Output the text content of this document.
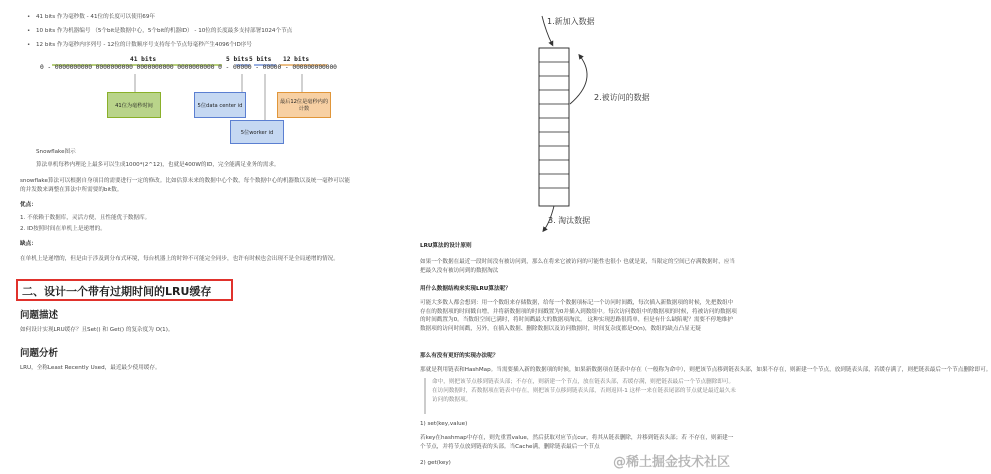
• 41 bits 作为毫秒数 - 41位的长度可以使用69年
• 10 bits 作为机器编号 （5个bit是数据中心，5个bit的机器ID） - 10位的长度最多支持部署1024个节点
• 12 bits 作为毫秒内序列号 - 12位的计数顺序号支持每个节点每毫秒产生4096个ID序号
41 bits	5 bits 5 bits 12 bits
0 - 0000000000 0000000000 0000000000 0000000000 0 - 00000 - 00000 - 000000000000
41位为毫秒时间	5位data center id
最后12位是毫秒内的计数
5位worker id
Snowflake图示
算法单机每秒内理论上最多可以生成1000*(2^12)，也就是400W的ID，完全能满足业务的需求。
snowflake算法可以根据自身项目的需要进行一定的修改。比如估算未来的数据中心个数，每个数据中心的机器数以及统一毫秒可以能的并发数来调整在算法中所需要的bit数。
优点：
1. 不依赖于数据库，灵活方便，且性能优于数据库。
2. ID按照时间在单机上是递增的。
缺点：
在单机上是递增的，但是由于涉及到分布式环境，每台机器上的时钟不可能完全同步，也许有时候也会出现不是全局递增的情况。
二、设计一个带有过期时间的LRU缓存
问题描述
如何设计实现LRU缓存？且Set() 和 Get() 的复杂度为 O(1)。
问题分析
LRU，全称Least Recently Used，最近最少使用缓存。
1.新加入数据
2.被访问的数据
3. 淘汰数据
LRU算法的设计原则
如果一个数据在最近一段时间没有被访问到，那么在将来它被访问的可能性也很小 也就是说，当限定的空间已存满数据时，应当把最久没有被访问到的数据淘汰
用什么数据结构来实现LRU算法呢？
可能大多数人都会想到：用一个数组来存储数据，给每一个数据项标记一个访问时间戳，每次插入新数据项的时候，先把数组中存在的数据项的时间戳自增，并将新数据项的时间戳置为0并插入到数组中。每次访问数组中的数据项的时候，将被访问的数据项的时间戳置为0。当数组空间已满时，将时间戳最大的数据项淘汰。 这种实现思路很简单，但是有什么缺陷呢？需要不停地维护数据项的访问时间戳，另外，在插入数据、删除数据以及访问数据时，时间复杂度都是O(n)，数组的缺点凸显无疑
那么有没有更好的实现办法呢？
那就是利用链表和HashMap。当需要插入新的数据项的时候，如果新数据项在链表中存在（一般称为命中），则把该节点移到链表头部，如果不存在，则新建一个节点，放到链表头部，若缓存满了，则把链表最后一个节点删除即可。
命中，则把该节点移到链表头部；不存在，则新建一个节点，放在链表头部，若缓存满，则把链表最后一个节点删除即可。 在访问数据时，若数据项在链表中存在，则把该节点移到链表头部，否则返回-1 这样一来在链表尾部的节点就是最近最久未访问的数据项。
1) set(key,value)
若key在hashmap中存在，则先重置value，然后获取对应节点cur，将其从链表删除，并移到链表头部；若 不存在，则新建一个节点，并将节点放到链表的头部。当Cache满，删除链表最后一个节点
2) get(key)	@稀土掘金技术社区
